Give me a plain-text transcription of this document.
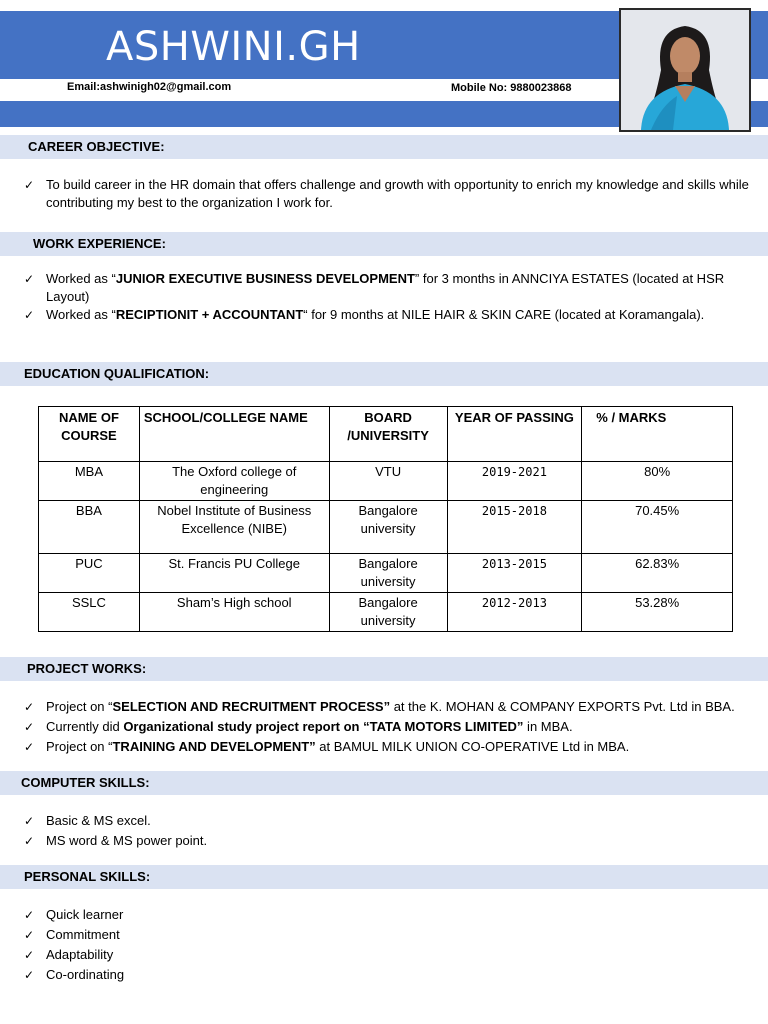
ASHWINI.GH
Email:ashwinigh02@gmail.com	Mobile No: 9880023868
CAREER OBJECTIVE:
✓ To build career in the HR domain that offers challenge and growth with opportunity to enrich my knowledge and skills while contributing my best to the organization I work for.
WORK EXPERIENCE:
✓ Worked as “JUNIOR EXECUTIVE BUSINESS DEVELOPMENT” for 3 months in ANNCIYA ESTATES (located at HSR Layout)
✓ Worked as “RECIPTIONIT + ACCOUNTANT“ for 9 months at NILE HAIR & SKIN CARE (located at Koramangala).
EDUCATION QUALIFICATION:
NAME OF COURSE	SCHOOL/COLLEGE NAME	BOARD /UNIVERSITY	YEAR OF PASSING	% / MARKS
MBA	The Oxford college of engineering	VTU	2019-2021	80%
BBA	Nobel Institute of Business Excellence (NIBE)	Bangalore university	2015-2018	70.45%
PUC	St. Francis PU College	Bangalore university	2013-2015	62.83%
SSLC	Sham’s High school	Bangalore university	2012-2013	53.28%
PROJECT WORKS:
✓ Project on “SELECTION AND RECRUITMENT PROCESS” at the K. MOHAN & COMPANY EXPORTS Pvt. Ltd in BBA.
✓ Currently did Organizational study project report on “TATA MOTORS LIMITED” in MBA.
✓ Project on “TRAINING AND DEVELOPMENT” at BAMUL MILK UNION CO-OPERATIVE Ltd in MBA.
COMPUTER SKILLS:
✓ Basic & MS excel.
✓ MS word & MS power point.
PERSONAL SKILLS:
✓ Quick learner
✓ Commitment
✓ Adaptability
✓ Co-ordinating
